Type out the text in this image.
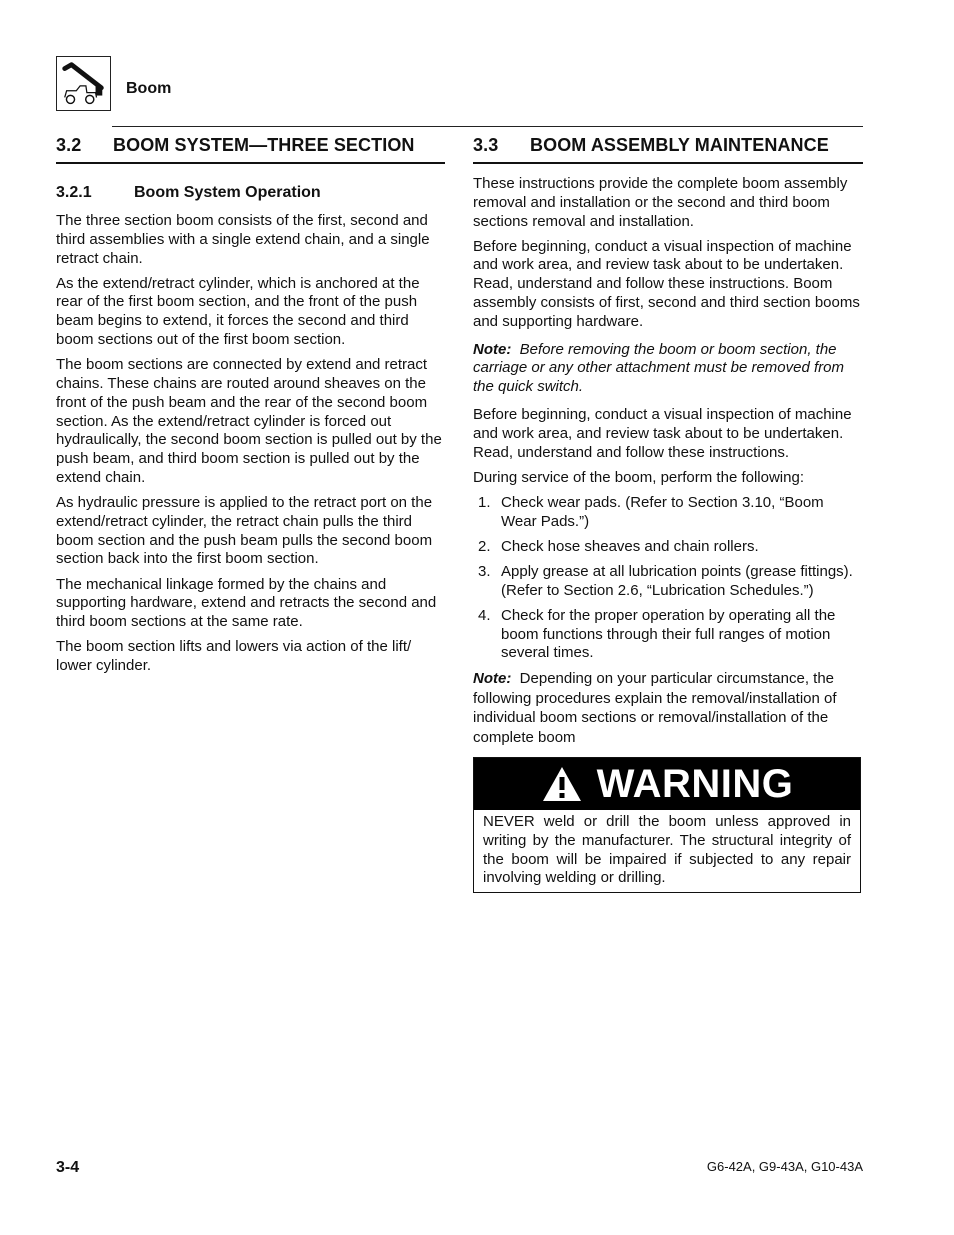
Boom
3.2 BOOM SYSTEM—THREE SECTION
3.2.1	Boom System Operation

The three section boom consists of the first, second and third assemblies with a single extend chain, and a single retract chain.

As the extend/retract cylinder, which is anchored at the rear of the first boom section, and the front of the push beam begins to extend, it forces the second and third boom sections out of the first boom section.

The boom sections are connected by extend and retract chains. These chains are routed around sheaves on the front of the push beam and the rear of the second boom section. As the extend/retract cylinder is forced out hydraulically, the second boom section is pulled out by the push beam, and third boom section is pulled out by the extend chain.

As hydraulic pressure is applied to the retract port on the extend/retract cylinder, the retract chain pulls the third boom section and the push beam pulls the second boom section back into the first boom section.

The mechanical linkage formed by the chains and supporting hardware, extend and retracts the second and third boom sections at the same rate.

The boom section lifts and lowers via action of the lift/ lower cylinder.

3.3 BOOM ASSEMBLY MAINTENANCE

These instructions provide the complete boom assembly removal and installation or the second and third boom sections removal and installation.

Before beginning, conduct a visual inspection of machine and work area, and review task about to be undertaken. Read, understand and follow these instructions. Boom assembly consists of first, second and third section booms and supporting hardware.

Note: Before removing the boom or boom section, the carriage or any other attachment must be removed from the quick switch.

Before beginning, conduct a visual inspection of machine and work area, and review task about to be undertaken. Read, understand and follow these instructions.

During service of the boom, perform the following:

1. Check wear pads. (Refer to Section 3.10, “Boom Wear Pads.”)
2. Check hose sheaves and chain rollers.
3. Apply grease at all lubrication points (grease fittings). (Refer to Section 2.6, “Lubrication Schedules.”)
4. Check for the proper operation by operating all the boom functions through their full ranges of motion several times.

Note: Depending on your particular circumstance, the following procedures explain the removal/installation of individual boom sections or removal/installation of the complete boom

WARNING
NEVER weld or drill the boom unless approved in writing by the manufacturer. The structural integrity of the boom will be impaired if subjected to any repair involving welding or drilling.
3-4	G6-42A, G9-43A, G10-43A
